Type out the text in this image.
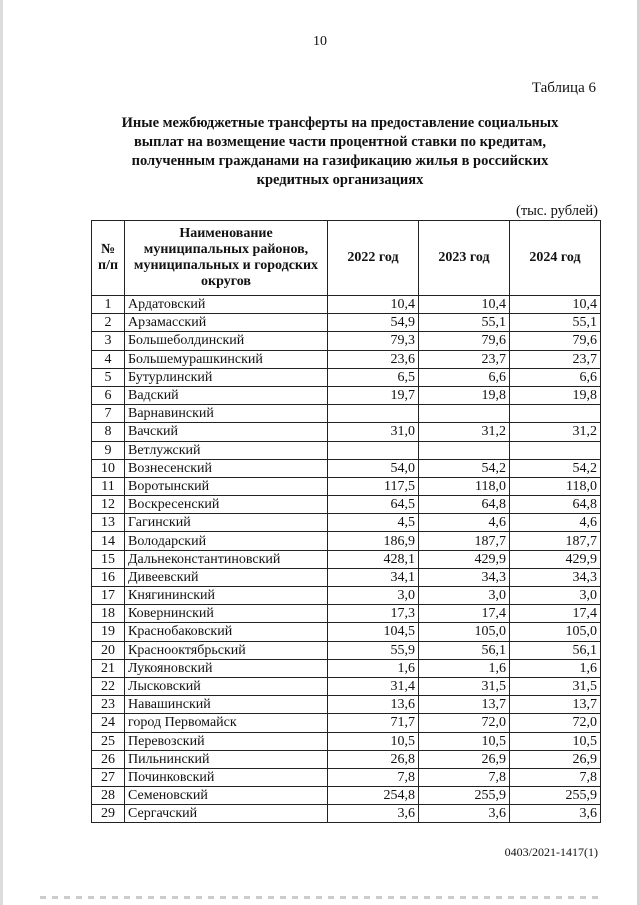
10
Таблица 6
Иные межбюджетные трансферты на предоставление социальных
выплат на возмещение части процентной ставки по кредитам,
полученным гражданами на газификацию жилья в российских
кредитных организациях
(тыс. рублей)
№ п/п	Наименование муниципальных районов, муниципальных и городских округов	2022 год	2023 год	2024 год
1	Ардатовский	10,4	10,4	10,4
2	Арзамасский	54,9	55,1	55,1
3	Большеболдинский	79,3	79,6	79,6
4	Большемурашкинский	23,6	23,7	23,7
5	Бутурлинский	6,5	6,6	6,6
6	Вадский	19,7	19,8	19,8
7	Варнавинский			
8	Вачский	31,0	31,2	31,2
9	Ветлужский			
10	Вознесенский	54,0	54,2	54,2
11	Воротынский	117,5	118,0	118,0
12	Воскресенский	64,5	64,8	64,8
13	Гагинский	4,5	4,6	4,6
14	Володарский	186,9	187,7	187,7
15	Дальнеконстантиновский	428,1	429,9	429,9
16	Дивеевский	34,1	34,3	34,3
17	Княгининский	3,0	3,0	3,0
18	Ковернинский	17,3	17,4	17,4
19	Краснобаковский	104,5	105,0	105,0
20	Краснооктябрьский	55,9	56,1	56,1
21	Лукояновский	1,6	1,6	1,6
22	Лысковский	31,4	31,5	31,5
23	Навашинский	13,6	13,7	13,7
24	город Первомайск	71,7	72,0	72,0
25	Перевозский	10,5	10,5	10,5
26	Пильнинский	26,8	26,9	26,9
27	Починковский	7,8	7,8	7,8
28	Семеновский	254,8	255,9	255,9
29	Сергачский	3,6	3,6	3,6
0403/2021-1417(1)
